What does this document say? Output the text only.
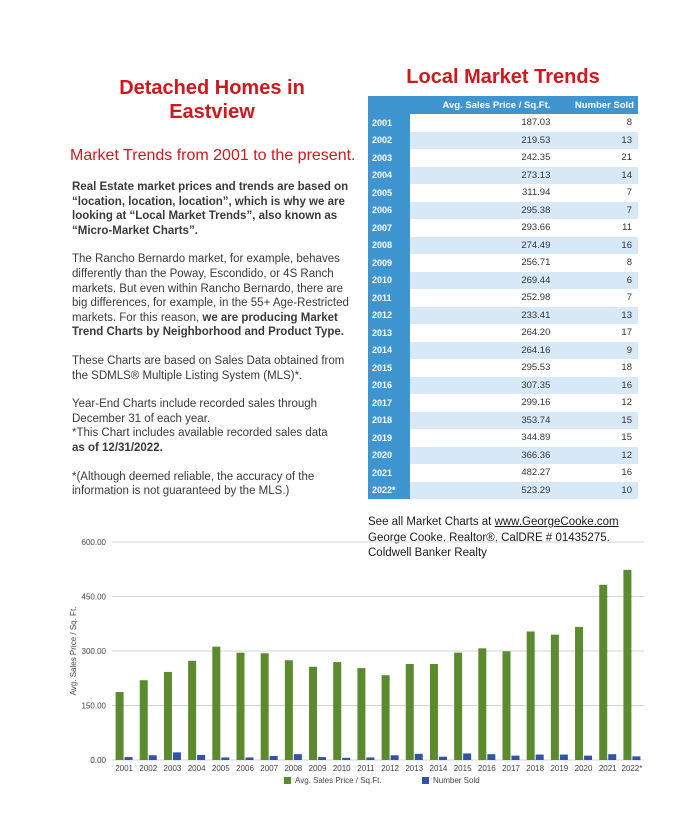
Detached Homes in
Eastview
Market Trends from 2001 to the present.

Real Estate market prices and trends are based on “location, location, location”, which is why we are looking at “Local Market Trends”, also known as “Micro-Market Charts”.

The Rancho Bernardo market, for example, behaves differently than the Poway, Escondido, or 4S Ranch markets. But even within Rancho Bernardo, there are big differences, for example, in the 55+ Age-Restricted markets. For this reason, we are producing Market Trend Charts by Neighborhood and Product Type.

These Charts are based on Sales Data obtained from the SDMLS® Multiple Listing System (MLS)*.

Year-End Charts include recorded sales through December 31 of each year.
*This Chart includes available recorded sales data
as of 12/31/2022.

*(Although deemed reliable, the accuracy of the information is not guaranteed by the MLS.)

Local Market Trends
	Avg. Sales Price / Sq.Ft.	Number Sold
2001	187.03	8
2002	219.53	13
2003	242.35	21
2004	273.13	14
2005	311.94	7
2006	295.38	7
2007	293.66	11
2008	274.49	16
2009	256.71	8
2010	269.44	6
2011	252.98	7
2012	233.41	13
2013	264.20	17
2014	264.16	9
2015	295.53	18
2016	307.35	16
2017	299.16	12
2018	353.74	15
2019	344.89	15
2020	366.36	12
2021	482.27	16
2022*	523.29	10
See all Market Charts at www.GeorgeCooke.com
George Cooke, Realtor®, CalDRE # 01435275.
Coldwell Banker Realty
0.00
150.00
300.00
450.00
600.00
Avg. Sales Price / Sq. Ft.
2001 2002 2003 2004 2005 2006 2007 2008 2009 2010 2011 2012 2013 2014 2015 2016 2017 2018 2019 2020 2021 2022*
Avg. Sales Price / Sq.Ft.	Number Sold
